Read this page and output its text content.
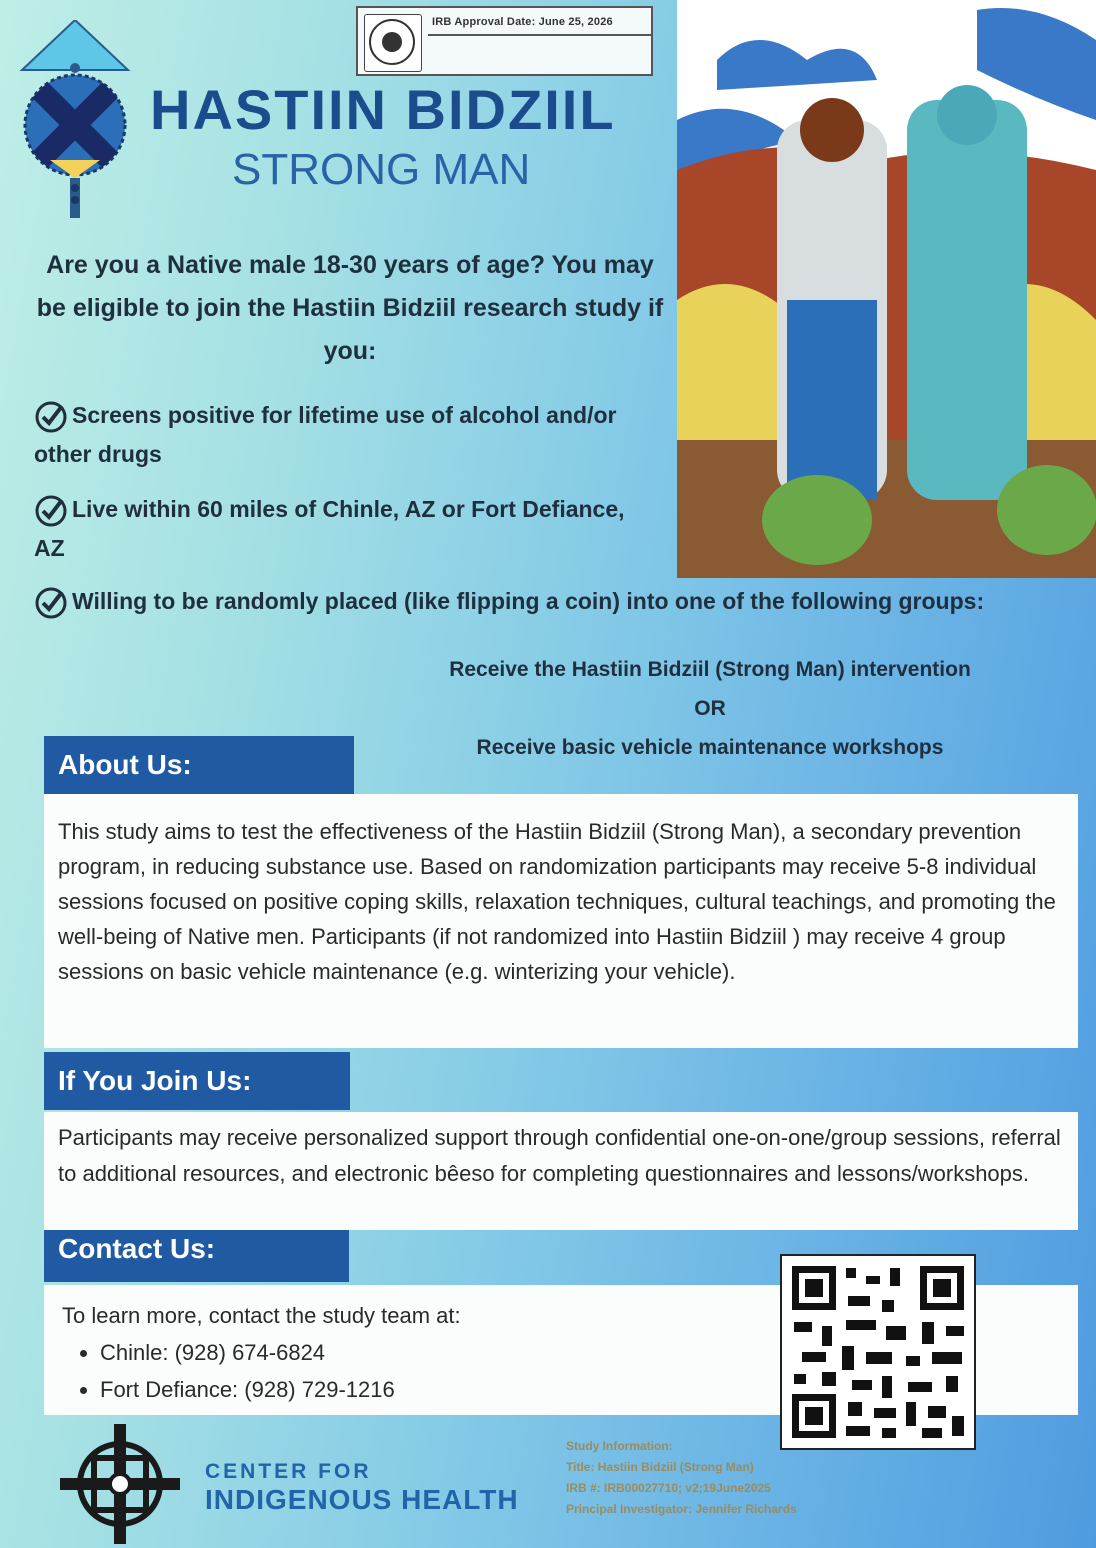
IRB Approval Date: June 25, 2026
HASTIIN BIDZIIL
STRONG MAN
Are you a Native male 18-30 years of age? You may be eligible to join the Hastiin Bidziil research study if you:
Screens positive for lifetime use of alcohol and/or other drugs
Live within 60 miles of Chinle, AZ or Fort Defiance, AZ
Willing to be randomly placed (like flipping a coin) into one of the following groups:
Receive the Hastiin Bidziil (Strong Man) intervention
OR
Receive basic vehicle maintenance workshops
About Us:
This study aims to test the effectiveness of the Hastiin Bidziil (Strong Man), a secondary prevention program, in reducing substance use. Based on randomization participants may receive 5-8 individual sessions focused on positive coping skills, relaxation techniques, cultural teachings, and promoting the well-being of Native men. Participants (if not randomized into Hastiin Bidziil ) may receive 4 group sessions on basic vehicle maintenance (e.g. winterizing your vehicle).
If You Join Us:
Participants may receive personalized support through confidential one-on-one/group sessions, referral to additional resources, and electronic bêeso for completing questionnaires and lessons/workshops.
Contact Us:
To learn more, contact the study team at:
• Chinle: (928) 674-6824
• Fort Defiance: (928) 729-1216
CENTER FOR
INDIGENOUS HEALTH
Study Information:
Title: Hastiin Bidziil (Strong Man)
IRB #: IRB00027710; v2;19June2025
Principal Investigator: Jennifer Richards
